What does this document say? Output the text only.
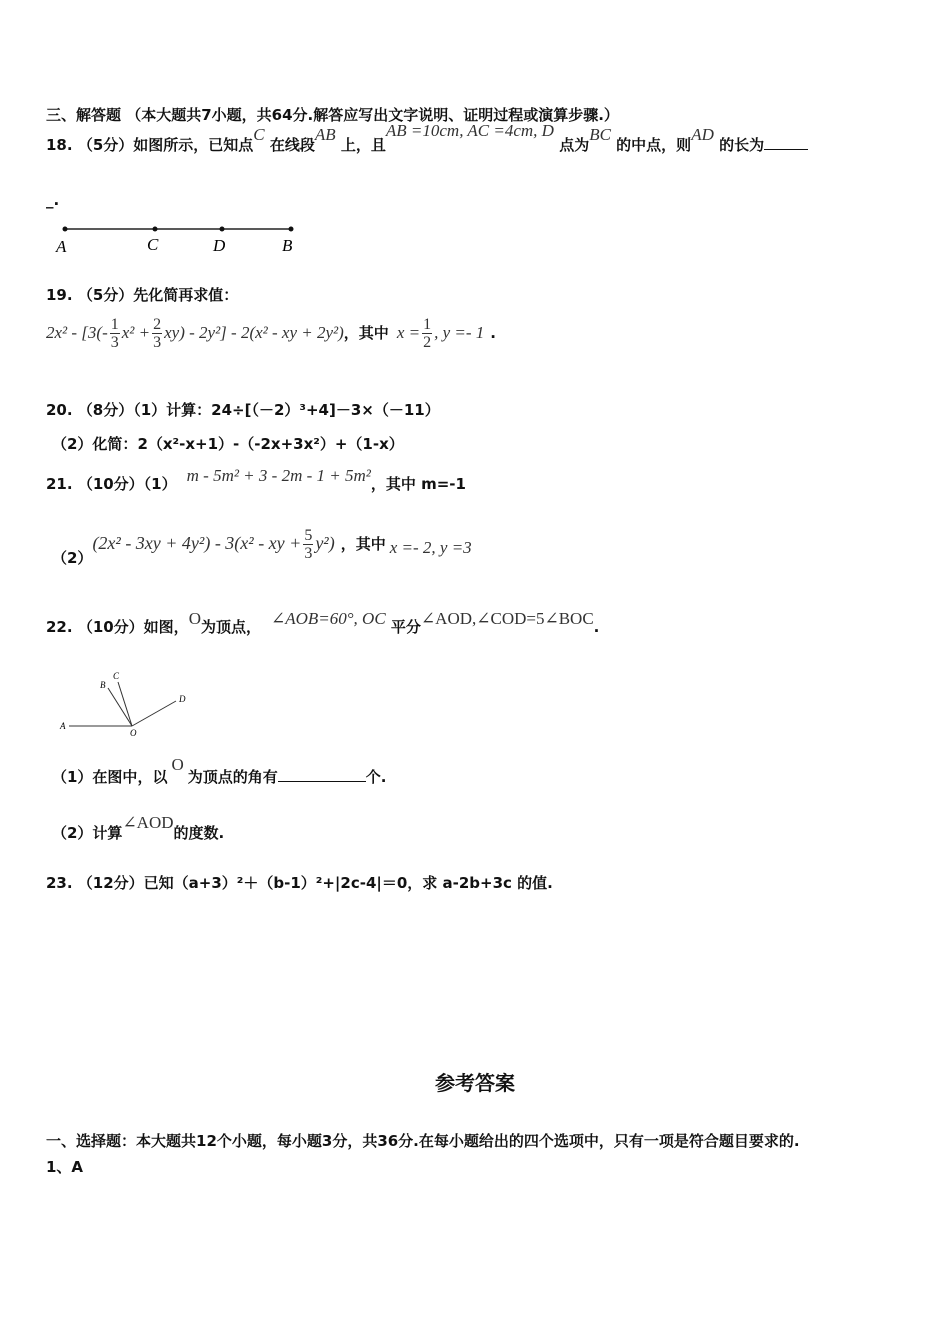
三、解答题 （本大题共7小题，共64分.解答应写出文字说明、证明过程或演算步骤.）
18. （5分）如图所示，已知点C 在线段AB 上，且AB =10cm, AC =4cm, D 点为BC 的中点，则AD 的长为
_.
A	C	D	B
19. （5分）先化简再求值：
$2x^2 - [3(- \frac{1}{3} x^2 + \frac{2}{3} xy) - 2y^2] - 2(x^2$ - xy + 2y²)，其中 $x = \frac{1}{2}$ , y =- 1 .
20. （8分）（1）计算：24÷[（－2）³+4]－3×（－11）
（2）化简：2（x²-x+1）-（-2x+3x²）+（1-x）
21. （10分）（1） m - 5m² + 3 - 2m - 1 + 5m²，其中 m=-1
（2）(2x² - 3xy + 4y²) - 3(x² - xy + $\frac{5}{3} y^2$) ，其中 x =- 2, y =3
22. （10分）如图，O为顶点， ∠AOB=60°, OC 平分∠AOD,∠COD=5∠BOC.
A
B
C
D
O
（1）在图中，以O为顶点的角有	个.
（2）计算∠AOD的度数.
23. （12分）已知（a+3）²＋（b-1）²+|2c-4|＝0，求 a-2b+3c 的值.
参考答案
一、选择题：本大题共12个小题，每小题3分，共36分.在每小题给出的四个选项中，只有一项是符合题目要求的.
1、A
